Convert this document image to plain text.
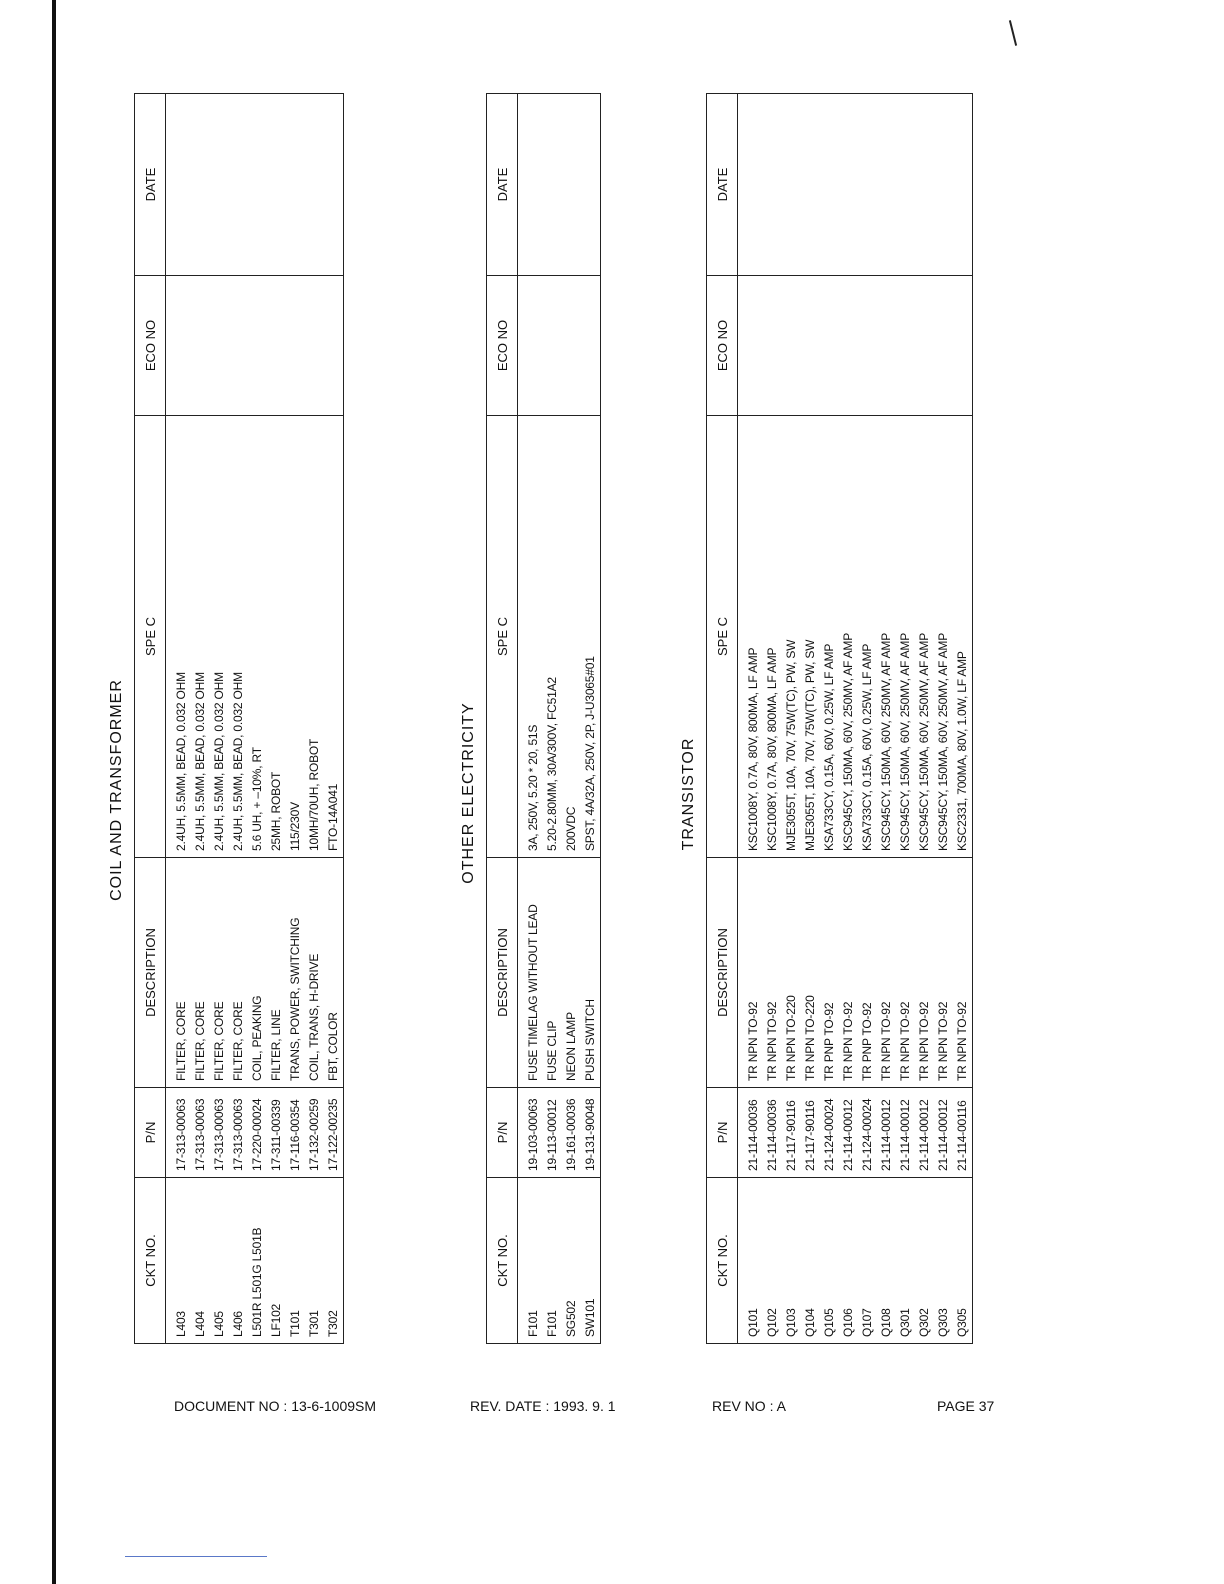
COIL AND TRANSFORMER
CKT NO.	P/N	DESCRIPTION	SPE C	ECO NO	DATE
L403	17-313-00063	FILTER, CORE	2.4UH, 5.5MM, BEAD, 0.032 OHM		
L404	17-313-00063	FILTER, CORE	2.4UH, 5.5MM, BEAD, 0.032 OHM		
L405	17-313-00063	FILTER, CORE	2.4UH, 5.5MM, BEAD, 0.032 OHM		
L406	17-313-00063	FILTER, CORE	2.4UH, 5.5MM, BEAD, 0.032 OHM		
L501R L501G L501B	17-220-00024	COIL, PEAKING	5.6 UH, + –10%, RT		
LF102	17-311-00339	FILTER, LINE	25MH, ROBOT		
T101	17-116-00354	TRANS, POWER, SWITCHING	115/230V		
T301	17-132-00259	COIL, TRANS, H-DRIVE	10MH/70UH, ROBOT		
T302	17-122-00235	FBT, COLOR	FTO-14A041			OTHER ELECTRICITY
CKT NO.	P/N	DESCRIPTION	SPE C	ECO NO	DATE
F101	19-103-00063	FUSE TIMELAG WITHOUT LEAD	3A, 250V, 5.20 * 20, 51S		
F101	19-113-00012	FUSE CLIP	5.20-2.80MM, 30A/300V, FC51A2		
SG502	19-161-00036	NEON LAMP	200VDC		
SW101	19-131-90048	PUSH SWITCH	SPST, 4A/32A, 250V, 2P, J-U3065#01			TRANSISTOR
CKT NO.	P/N	DESCRIPTION	SPE C	ECO NO	DATE
Q101	21-114-00036	TR NPN TO-92	KSC1008Y, 0.7A, 80V, 800MA, LF AMP		
Q102	21-114-00036	TR NPN TO-92	KSC1008Y, 0.7A, 80V, 800MA, LF AMP		
Q103	21-117-90116	TR NPN TO-220	MJE3055T, 10A, 70V, 75W(TC), PW, SW		
Q104	21-117-90116	TR NPN TO-220	MJE3055T, 10A, 70V, 75W(TC), PW, SW		
Q105	21-124-00024	TR PNP TO-92	KSA733CY, 0.15A, 60V, 0.25W, LF AMP		
Q106	21-114-00012	TR NPN TO-92	KSC945CY, 150MA, 60V, 250MV, AF AMP		
Q107	21-124-00024	TR PNP TO-92	KSA733CY, 0.15A, 60V, 0.25W, LF AMP		
Q108	21-114-00012	TR NPN TO-92	KSC945CY, 150MA, 60V, 250MV, AF AMP		
Q301	21-114-00012	TR NPN TO-92	KSC945CY, 150MA, 60V, 250MV, AF AMP		
Q302	21-114-00012	TR NPN TO-92	KSC945CY, 150MA, 60V, 250MV, AF AMP		
Q303	21-114-00012	TR NPN TO-92	KSC945CY, 150MA, 60V, 250MV, AF AMP		
Q305	21-114-00116	TR NPN TO-92	KSC2331, 700MA, 80V, 1.0W, LF AMP		
DOCUMENT NO : 13-6-1009SM	REV. DATE : 1993. 9. 1	REV NO : A	PAGE 37
